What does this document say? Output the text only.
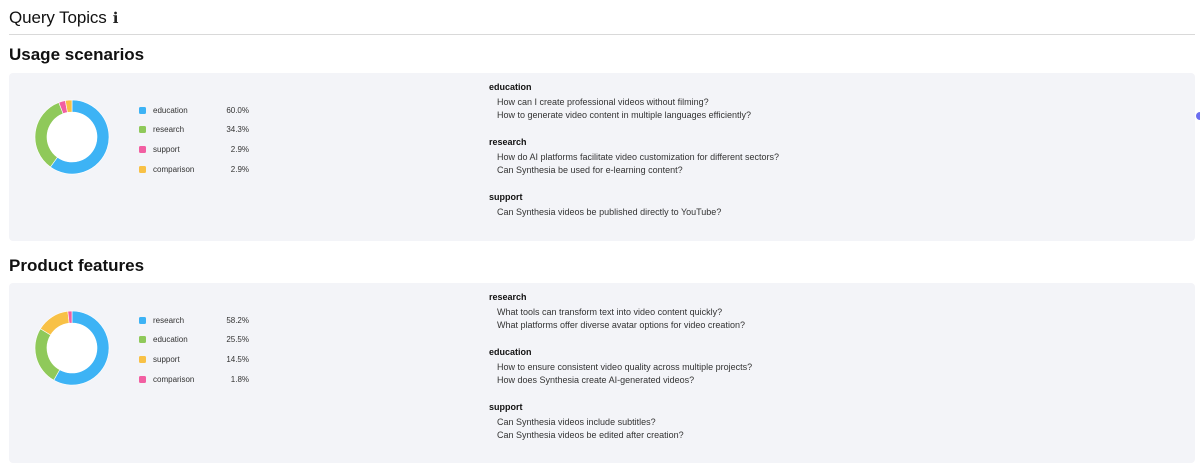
Query Topics ℹ
Usage scenarios
education	60.0%
research	34.3%
support	2.9%
comparison	2.9%
education
How can I create professional videos without filming?
How to generate video content in multiple languages efficiently?
research
How do AI platforms facilitate video customization for different sectors?
Can Synthesia be used for e-learning content?
support
Can Synthesia videos be published directly to YouTube?
Product features
research	58.2%
education	25.5%
support	14.5%
comparison	1.8%
research
What tools can transform text into video content quickly?
What platforms offer diverse avatar options for video creation?
education
How to ensure consistent video quality across multiple projects?
How does Synthesia create AI-generated videos?
support
Can Synthesia videos include subtitles?
Can Synthesia videos be edited after creation?
